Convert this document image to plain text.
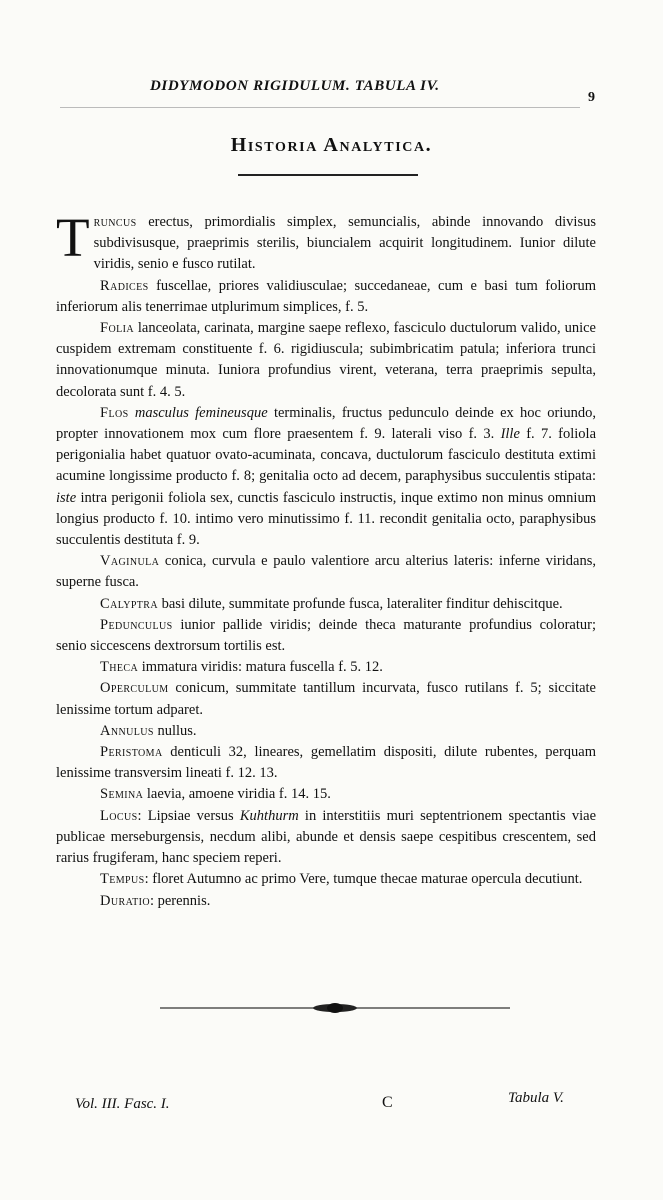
DIDYMODON RIGIDULUM. TABULA IV.
9
Historia Analytica.

Truncus erectus, primordialis simplex, semuncialis, abinde innovando divisus subdivisusque, praeprimis sterilis, biuncialem acquirit longitudinem. Iunior dilute viridis, senio e fusco rutilat.

Radices fuscellae, priores validiusculae; succedaneae, cum e basi tum foliorum inferiorum alis tenerrimae utplurimum simplices, f. 5.

Folia lanceolata, carinata, margine saepe reflexo, fasciculo ductulorum valido, unice cuspidem extremam constituente f. 6. rigidiuscula; subimbricatim patula; inferiora trunci innovationumque minuta. Iuniora profundius virent, veterana, terra praeprimis sepulta, decolorata sunt f. 4. 5.

Flos masculus femineusque terminalis, fructus pedunculo deinde ex hoc oriundo, propter innovationem mox cum flore praesentem f. 9. laterali viso f. 3. Ille f. 7. foliola perigonialia habet quatuor ovato-acuminata, concava, ductulorum fasciculo destituta extimi acumine longissime producto f. 8; genitalia octo ad decem, paraphysibus succulentis stipata: iste intra perigonii foliola sex, cunctis fasciculo instructis, inque extimo non minus omnium longius producto f. 10. intimo vero minutissimo f. 11. recondit genitalia octo, paraphysibus succulentis destituta f. 9.

Vaginula conica, curvula e paulo valentiore arcu alterius lateris: inferne viridans, superne fusca.

Calyptra basi dilute, summitate profunde fusca, lateraliter finditur dehiscitque.

Pedunculus iunior pallide viridis; deinde theca maturante profundius coloratur; senio siccescens dextrorsum tortilis est.

Theca immatura viridis: matura fuscella f. 5. 12.

Operculum conicum, summitate tantillum incurvata, fusco rutilans f. 5; siccitate lenissime tortum adparet.

Annulus nullus.

Peristoma denticuli 32, lineares, gemellatim dispositi, dilute rubentes, perquam lenissime transversim lineati f. 12. 13.

Semina laevia, amoene viridia f. 14. 15.

Locus: Lipsiae versus Kuhthurm in interstitiis muri septentrionem spectantis viae publicae merseburgensis, necdum alibi, abunde et densis saepe cespitibus crescentem, sed rarius frugiferam, hanc speciem reperi.

Tempus: floret Autumno ac primo Vere, tumque thecae maturae opercula decutiunt.

Duratio: perennis.

Vol. III. Fasc. I.	C	Tabula V.
